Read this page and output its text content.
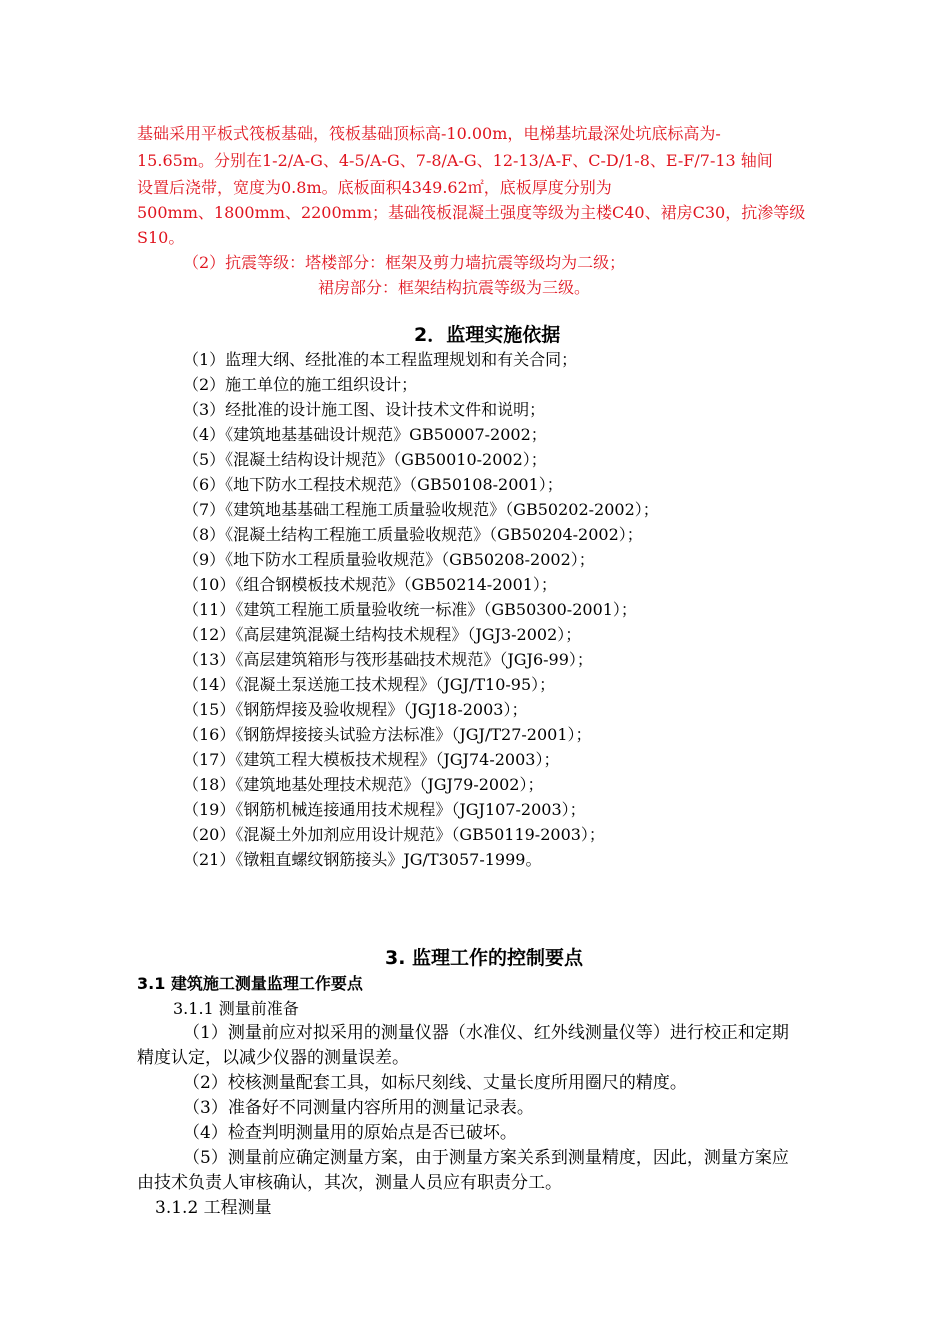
基础采用平板式筏板基础，筏板基础顶标高-10.00m，电梯基坑最深处坑底标高为-
15.65m。分别在1-2/A-G、4-5/A-G、7-8/A-G、12-13/A-F、C-D/1-8、E-F/7-13 轴间
设置后浇带，宽度为0.8m。底板面积4349.62㎡，底板厚度分别为
500mm、1800mm、2200mm；基础筏板混凝土强度等级为主楼C40、裙房C30，抗渗等级
S10。
（2）抗震等级：塔楼部分：框架及剪力墙抗震等级均为二级；
裙房部分：框架结构抗震等级为三级。
2．监理实施依据
（1）监理大纲、经批准的本工程监理规划和有关合同；
（2）施工单位的施工组织设计；
（3）经批准的设计施工图、设计技术文件和说明；
（4）《建筑地基基础设计规范》GB50007-2002；
（5）《混凝土结构设计规范》（GB50010-2002）；
（6）《地下防水工程技术规范》（GB50108-2001）；
（7）《建筑地基基础工程施工质量验收规范》（GB50202-2002）；
（8）《混凝土结构工程施工质量验收规范》（GB50204-2002）；
（9）《地下防水工程质量验收规范》（GB50208-2002）；
（10）《组合钢模板技术规范》（GB50214-2001）；
（11）《建筑工程施工质量验收统一标准》（GB50300-2001）；
（12）《高层建筑混凝土结构技术规程》（JGJ3-2002）；
（13）《高层建筑箱形与筏形基础技术规范》（JGJ6-99）；
（14）《混凝土泵送施工技术规程》（JGJ/T10-95）；
（15）《钢筋焊接及验收规程》（JGJ18-2003）；
（16）《钢筋焊接接头试验方法标准》（JGJ/T27-2001）；
（17）《建筑工程大模板技术规程》（JGJ74-2003）；
（18）《建筑地基处理技术规范》（JGJ79-2002）；
（19）《钢筋机械连接通用技术规程》（JGJ107-2003）；
（20）《混凝土外加剂应用设计规范》（GB50119-2003）；
（21）《镦粗直螺纹钢筋接头》JG/T3057-1999。
3. 监理工作的控制要点
3.1 建筑施工测量监理工作要点
3.1.1 测量前准备
（1）测量前应对拟采用的测量仪器（水准仪、红外线测量仪等）进行校正和定期
精度认定，以减少仪器的测量误差。
（2）校核测量配套工具，如标尺刻线、丈量长度所用圈尺的精度。
（3）准备好不同测量内容所用的测量记录表。
（4）检查判明测量用的原始点是否已破坏。
（5）测量前应确定测量方案，由于测量方案关系到测量精度，因此，测量方案应
由技术负责人审核确认，其次，测量人员应有职责分工。
3.1.2 工程测量
